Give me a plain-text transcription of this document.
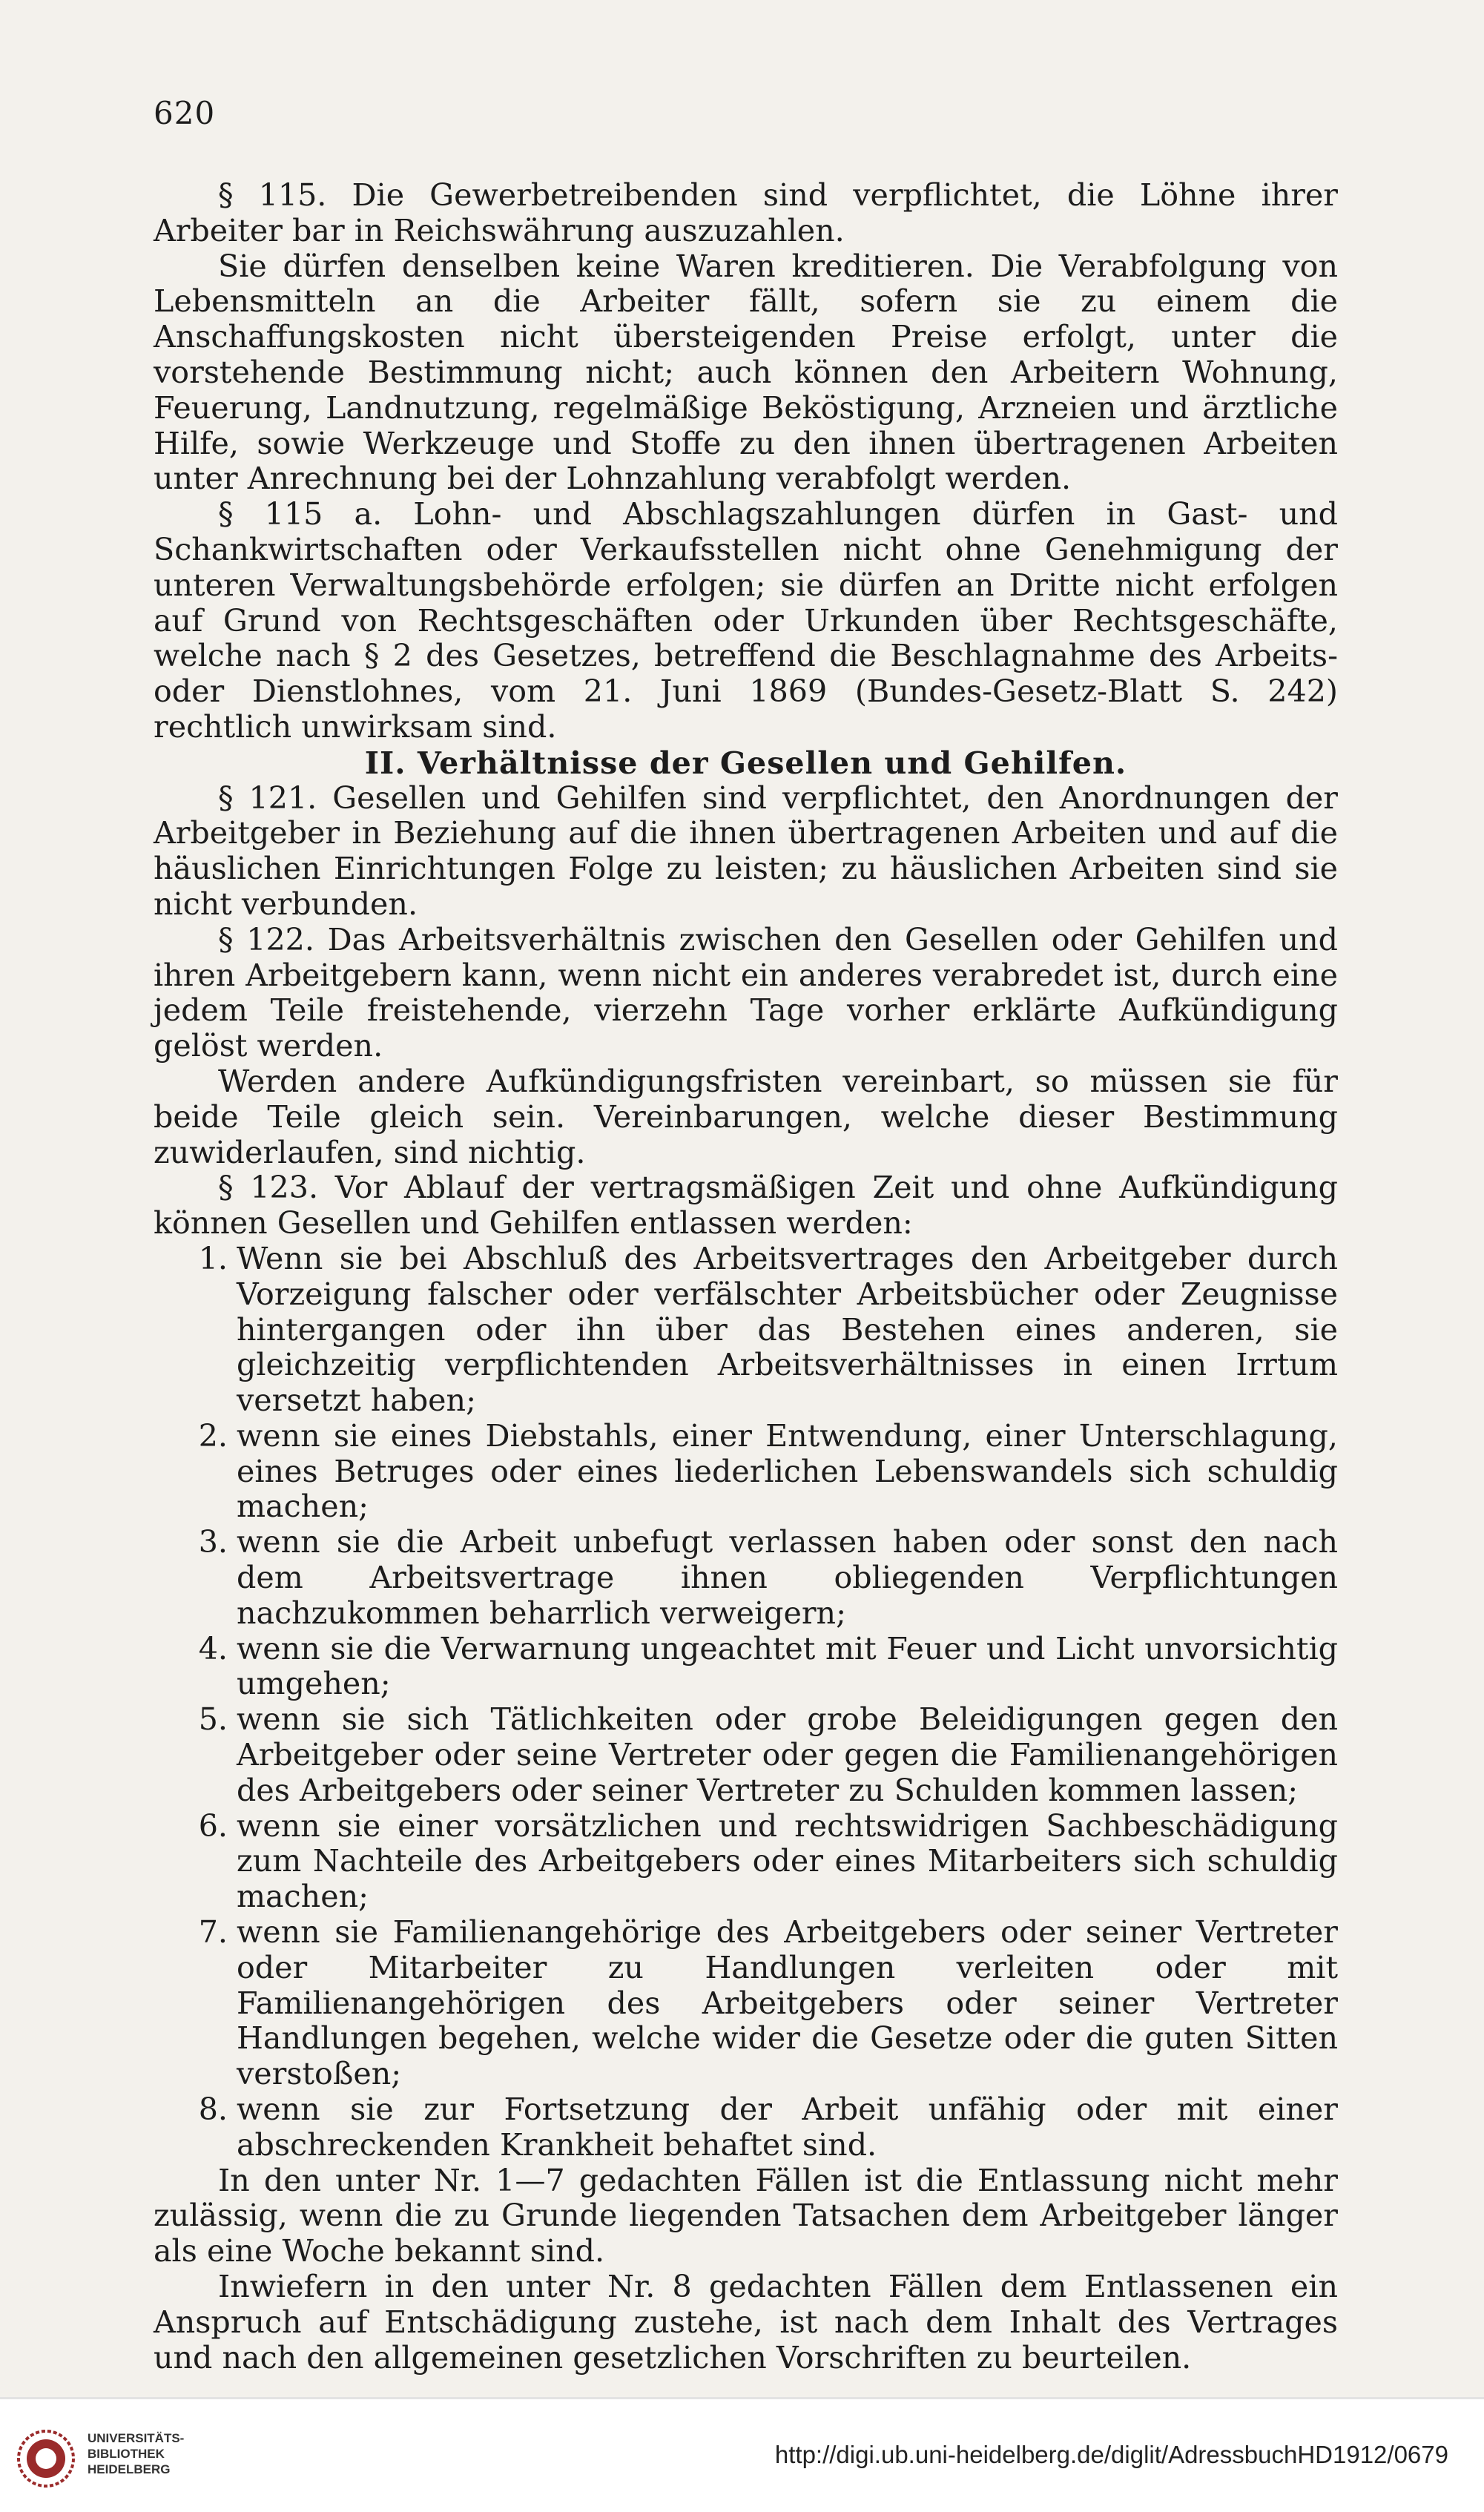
620

§ 115. Die Gewerbetreibenden sind verpflichtet, die Löhne ihrer Arbeiter bar in Reichswährung auszuzahlen.

Sie dürfen denselben keine Waren kreditieren. Die Verabfolgung von Lebensmitteln an die Arbeiter fällt, sofern sie zu einem die Anschaffungskosten nicht übersteigenden Preise erfolgt, unter die vorstehende Bestimmung nicht; auch können den Arbeitern Wohnung, Feuerung, Landnutzung, regelmäßige Beköstigung, Arzneien und ärztliche Hilfe, sowie Werkzeuge und Stoffe zu den ihnen übertragenen Arbeiten unter Anrechnung bei der Lohnzahlung verabfolgt werden.

§ 115 a. Lohn- und Abschlagszahlungen dürfen in Gast- und Schankwirtschaften oder Verkaufsstellen nicht ohne Genehmigung der unteren Verwaltungsbehörde erfolgen; sie dürfen an Dritte nicht erfolgen auf Grund von Rechtsgeschäften oder Urkunden über Rechtsgeschäfte, welche nach § 2 des Gesetzes, betreffend die Beschlagnahme des Arbeits- oder Dienstlohnes, vom 21. Juni 1869 (Bundes-Gesetz-Blatt S. 242) rechtlich unwirksam sind.

II. Verhältnisse der Gesellen und Gehilfen.

§ 121. Gesellen und Gehilfen sind verpflichtet, den Anordnungen der Arbeitgeber in Beziehung auf die ihnen übertragenen Arbeiten und auf die häuslichen Einrichtungen Folge zu leisten; zu häuslichen Arbeiten sind sie nicht verbunden.

§ 122. Das Arbeitsverhältnis zwischen den Gesellen oder Gehilfen und ihren Arbeitgebern kann, wenn nicht ein anderes verabredet ist, durch eine jedem Teile freistehende, vierzehn Tage vorher erklärte Aufkündigung gelöst werden.

Werden andere Aufkündigungsfristen vereinbart, so müssen sie für beide Teile gleich sein. Vereinbarungen, welche dieser Bestimmung zuwiderlaufen, sind nichtig.

§ 123. Vor Ablauf der vertragsmäßigen Zeit und ohne Aufkündigung können Gesellen und Gehilfen entlassen werden:

1. Wenn sie bei Abschluß des Arbeitsvertrages den Arbeitgeber durch Vorzeigung falscher oder verfälschter Arbeitsbücher oder Zeugnisse hintergangen oder ihn über das Bestehen eines anderen, sie gleichzeitig verpflichtenden Arbeitsverhältnisses in einen Irrtum versetzt haben;
2. wenn sie eines Diebstahls, einer Entwendung, einer Unterschlagung, eines Betruges oder eines liederlichen Lebenswandels sich schuldig machen;
3. wenn sie die Arbeit unbefugt verlassen haben oder sonst den nach dem Arbeitsvertrage ihnen obliegenden Verpflichtungen nachzukommen beharrlich verweigern;
4. wenn sie die Verwarnung ungeachtet mit Feuer und Licht unvorsichtig umgehen;
5. wenn sie sich Tätlichkeiten oder grobe Beleidigungen gegen den Arbeitgeber oder seine Vertreter oder gegen die Familienangehörigen des Arbeitgebers oder seiner Vertreter zu Schulden kommen lassen;
6. wenn sie einer vorsätzlichen und rechtswidrigen Sachbeschädigung zum Nachteile des Arbeitgebers oder eines Mitarbeiters sich schuldig machen;
7. wenn sie Familienangehörige des Arbeitgebers oder seiner Vertreter oder Mitarbeiter zu Handlungen verleiten oder mit Familienangehörigen des Arbeitgebers oder seiner Vertreter Handlungen begehen, welche wider die Gesetze oder die guten Sitten verstoßen;
8. wenn sie zur Fortsetzung der Arbeit unfähig oder mit einer abschreckenden Krankheit behaftet sind.

In den unter Nr. 1—7 gedachten Fällen ist die Entlassung nicht mehr zulässig, wenn die zu Grunde liegenden Tatsachen dem Arbeitgeber länger als eine Woche bekannt sind.

Inwiefern in den unter Nr. 8 gedachten Fällen dem Entlassenen ein Anspruch auf Entschädigung zustehe, ist nach dem Inhalt des Vertrages und nach den allgemeinen gesetzlichen Vorschriften zu beurteilen.

UNIVERSITÄTS-
BIBLIOTHEK
HEIDELBERG
http://digi.ub.uni-heidelberg.de/diglit/AdressbuchHD1912/0679
